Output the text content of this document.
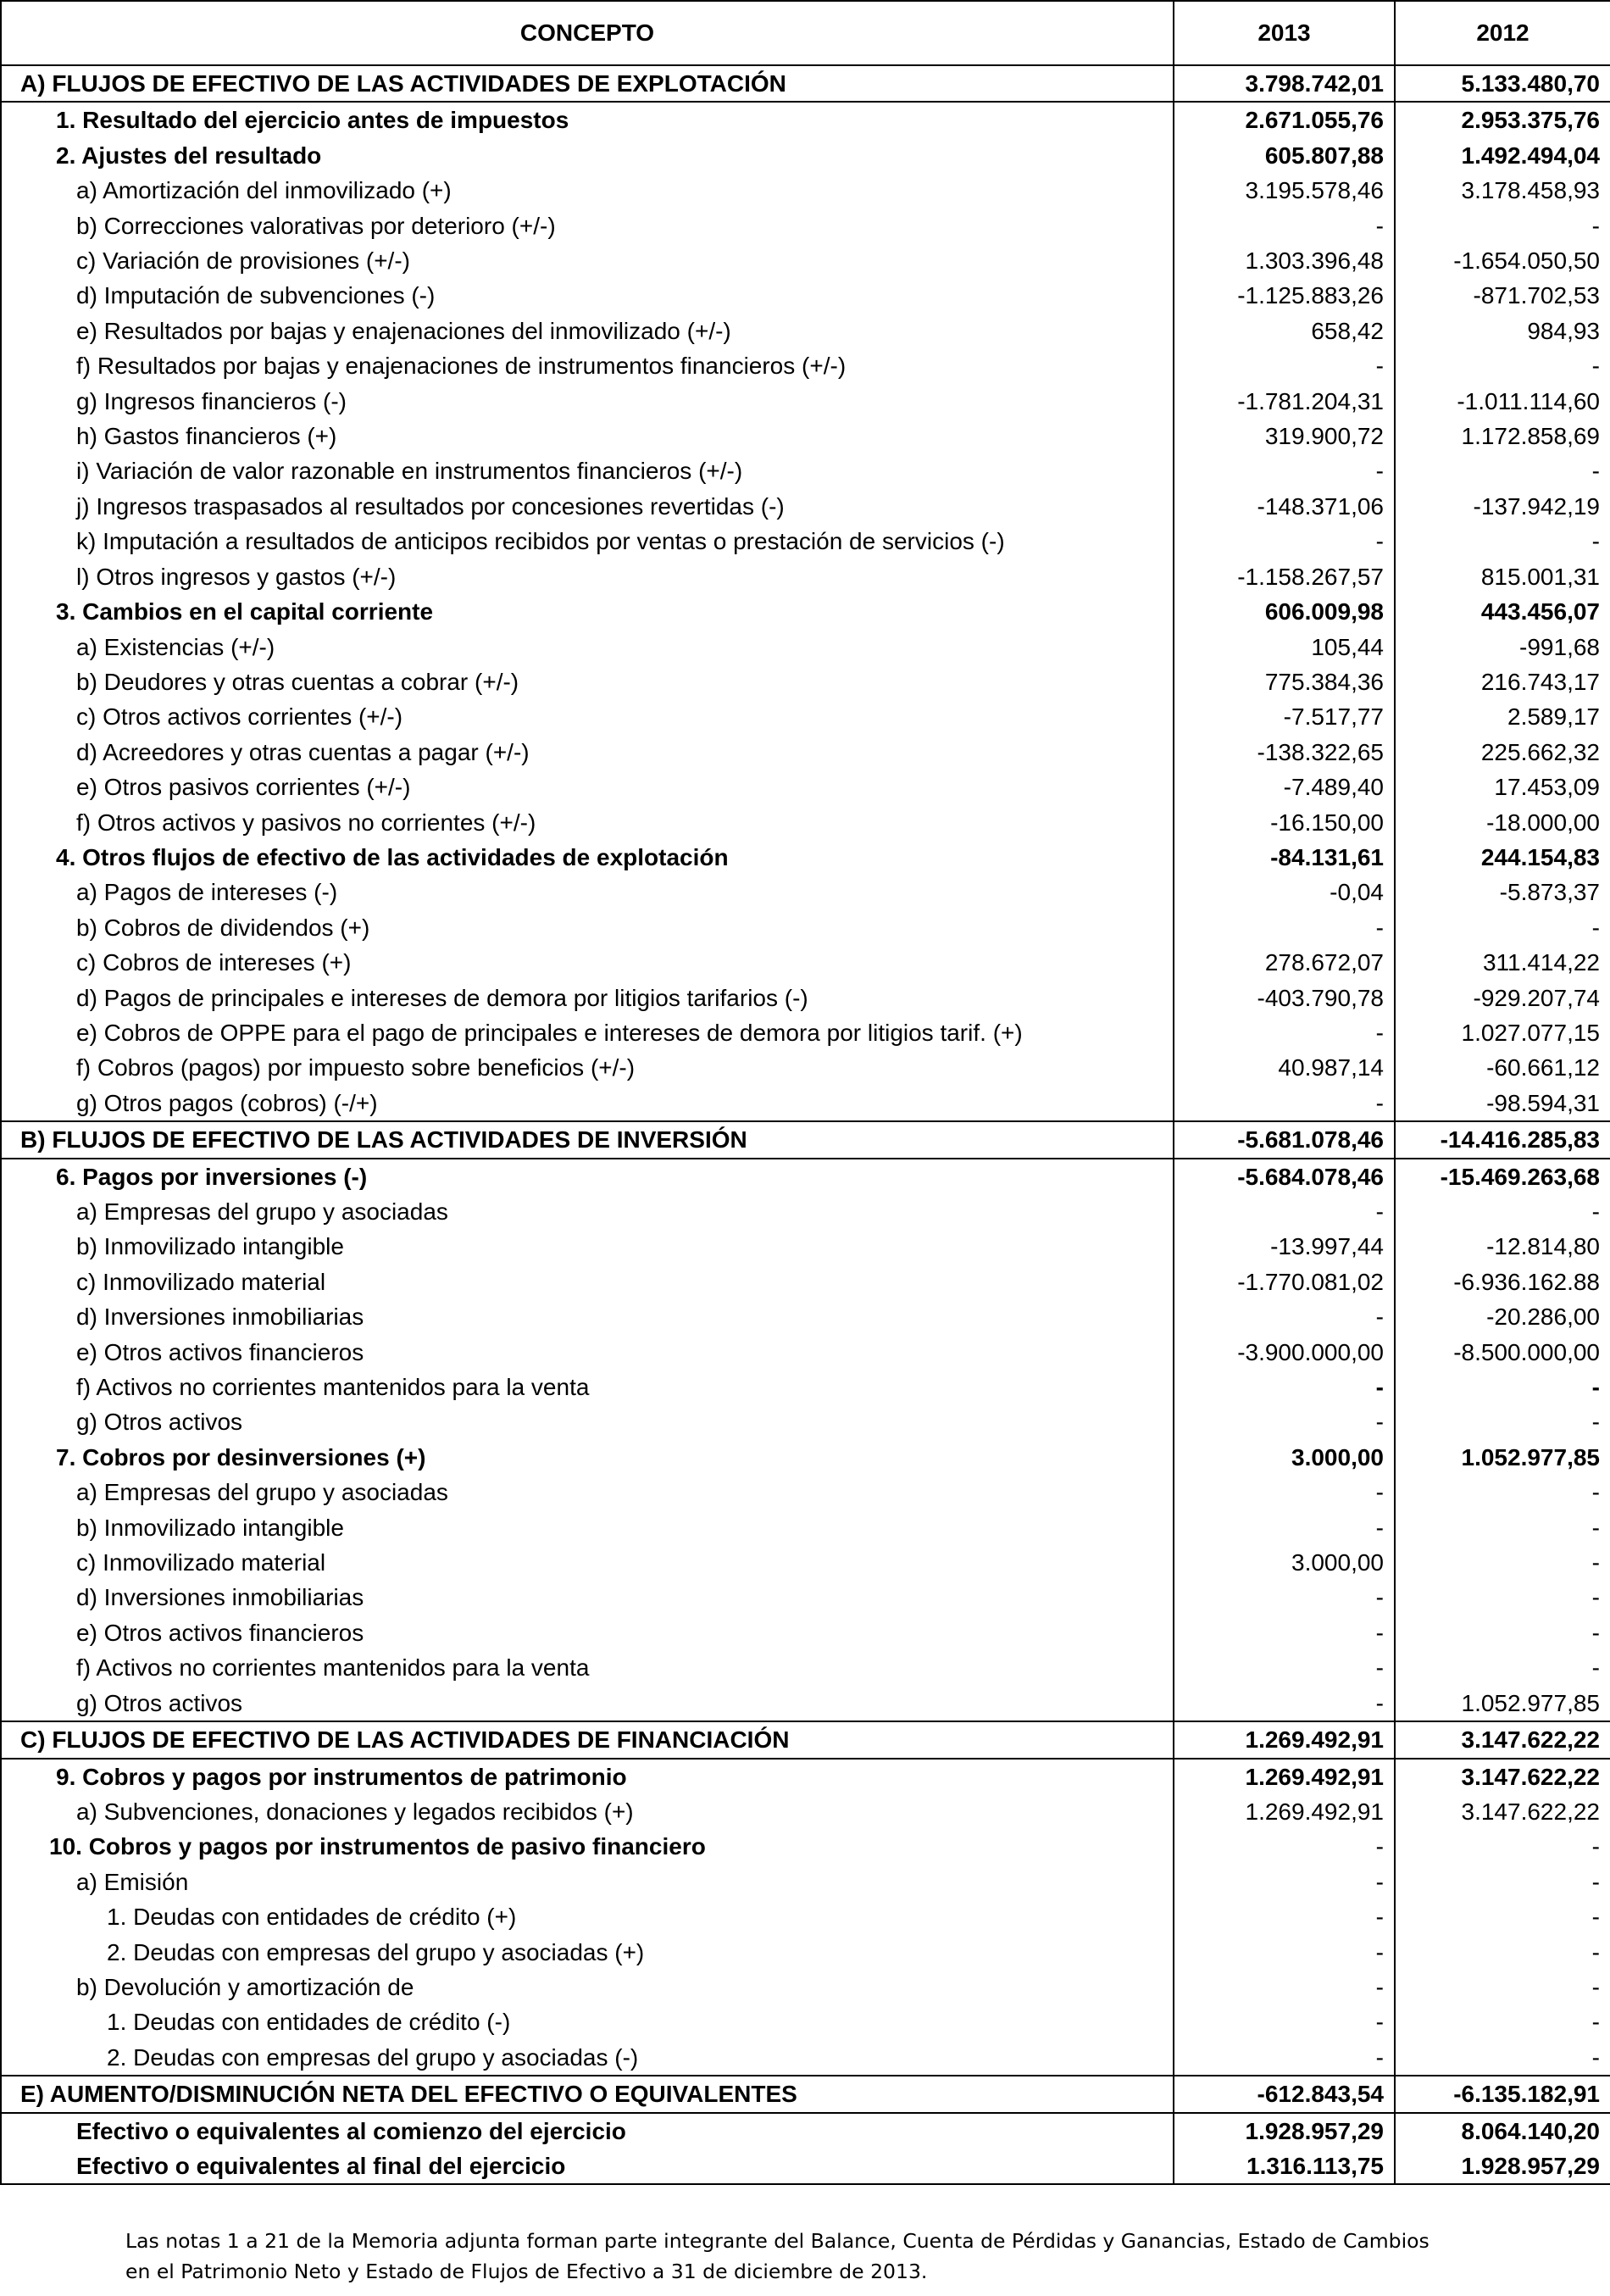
CONCEPTO	2013	2012
A) FLUJOS DE EFECTIVO DE LAS ACTIVIDADES DE EXPLOTACIÓN	3.798.742,01	5.133.480,70
1. Resultado del ejercicio antes de impuestos	2.671.055,76	2.953.375,76
2. Ajustes del resultado	605.807,88	1.492.494,04
a) Amortización del inmovilizado (+)	3.195.578,46	3.178.458,93
b) Correcciones valorativas por deterioro (+/-)	-	-
c) Variación de provisiones (+/-)	1.303.396,48	-1.654.050,50
d) Imputación de subvenciones (-)	-1.125.883,26	-871.702,53
e) Resultados por bajas y enajenaciones del inmovilizado (+/-)	658,42	984,93
f) Resultados por bajas y enajenaciones de instrumentos financieros (+/-)	-	-
g) Ingresos financieros (-)	-1.781.204,31	-1.011.114,60
h) Gastos financieros (+)	319.900,72	1.172.858,69
i) Variación de valor razonable en instrumentos financieros (+/-)	-	-
j) Ingresos traspasados al resultados por concesiones revertidas (-)	-148.371,06	-137.942,19
k) Imputación a resultados de anticipos recibidos por ventas o prestación de servicios (-)	-	-
l) Otros ingresos y gastos (+/-)	-1.158.267,57	815.001,31
3. Cambios en el capital corriente	606.009,98	443.456,07
a) Existencias (+/-)	105,44	-991,68
b) Deudores y otras cuentas a cobrar (+/-)	775.384,36	216.743,17
c) Otros activos corrientes (+/-)	-7.517,77	2.589,17
d) Acreedores y otras cuentas a pagar (+/-)	-138.322,65	225.662,32
e) Otros pasivos corrientes (+/-)	-7.489,40	17.453,09
f) Otros activos y pasivos no corrientes (+/-)	-16.150,00	-18.000,00
4. Otros flujos de efectivo de las actividades de explotación	-84.131,61	244.154,83
a) Pagos de intereses (-)	-0,04	-5.873,37
b) Cobros de dividendos (+)	-	-
c) Cobros de intereses (+)	278.672,07	311.414,22
d) Pagos de principales e intereses de demora por litigios tarifarios (-)	-403.790,78	-929.207,74
e) Cobros de OPPE para el pago de principales e intereses de demora por litigios tarif. (+)	-	1.027.077,15
f) Cobros (pagos) por impuesto sobre beneficios (+/-)	40.987,14	-60.661,12
g) Otros pagos (cobros) (-/+)	-	-98.594,31
B) FLUJOS DE EFECTIVO DE LAS ACTIVIDADES DE INVERSIÓN	-5.681.078,46	-14.416.285,83
6. Pagos por inversiones (-)	-5.684.078,46	-15.469.263,68
a) Empresas del grupo y asociadas	-	-
b) Inmovilizado intangible	-13.997,44	-12.814,80
c) Inmovilizado material	-1.770.081,02	-6.936.162.88
d) Inversiones inmobiliarias	-	-20.286,00
e) Otros activos financieros	-3.900.000,00	-8.500.000,00
f) Activos no corrientes mantenidos para la venta	-	-
g) Otros activos	-	-
7. Cobros por desinversiones (+)	3.000,00	1.052.977,85
a) Empresas del grupo y asociadas	-	-
b) Inmovilizado intangible	-	-
c) Inmovilizado material	3.000,00	-
d) Inversiones inmobiliarias	-	-
e) Otros activos financieros	-	-
f) Activos no corrientes mantenidos para la venta	-	-
g) Otros activos	-	1.052.977,85
C) FLUJOS DE EFECTIVO DE LAS ACTIVIDADES DE FINANCIACIÓN	1.269.492,91	3.147.622,22
9. Cobros y pagos por instrumentos de patrimonio	1.269.492,91	3.147.622,22
a) Subvenciones, donaciones y legados recibidos (+)	1.269.492,91	3.147.622,22
10. Cobros y pagos por instrumentos de pasivo financiero	-	-
a) Emisión	-	-
1. Deudas con entidades de crédito (+)	-	-
2. Deudas con empresas del grupo y asociadas (+)	-	-
b) Devolución y amortización de	-	-
1. Deudas con entidades de crédito (-)	-	-
2. Deudas con empresas del grupo y asociadas (-)	-	-
E) AUMENTO/DISMINUCIÓN NETA DEL EFECTIVO O EQUIVALENTES	-612.843,54	-6.135.182,91
Efectivo o equivalentes al comienzo del ejercicio	1.928.957,29	8.064.140,20
Efectivo o equivalentes al final del ejercicio	1.316.113,75	1.928.957,29
Las notas 1 a 21 de la Memoria adjunta forman parte integrante del Balance, Cuenta de Pérdidas y Ganancias, Estado de Cambios
en el Patrimonio Neto y Estado de Flujos de Efectivo a 31 de diciembre de 2013.
